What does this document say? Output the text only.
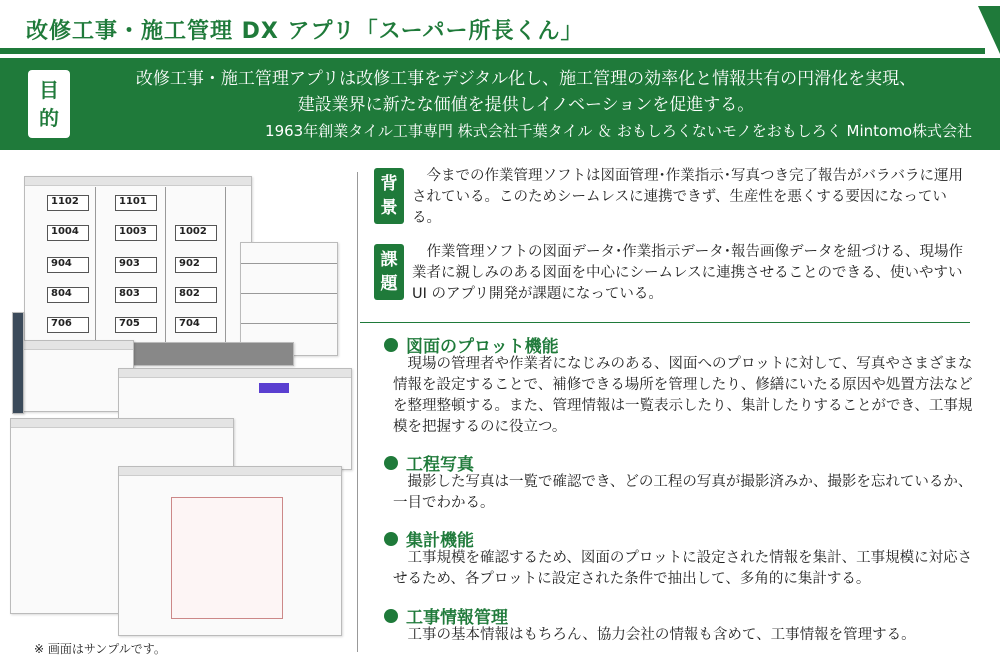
改修工事・施工管理 DX アプリ「スーパー所長くん」
目
的
改修工事・施工管理アプリは改修工事をデジタル化し、施工管理の効率化と情報共有の円滑化を実現、
建設業界に新たな価値を提供しイノベーションを促進する。
1963年創業タイル工事専門 株式会社千葉タイル ＆ おもしろくないモノをおもしろく Mintomo株式会社
1102	1101
1004	1003	1002
904	903	902
804	803	802
706	705	704
※ 画面はサンプルです。
背
景
今までの作業管理ソフトは図面管理･作業指示･写真つき完了報告がバラバラに運用されている。このためシームレスに連携できず、生産性を悪くする要因になっている。
課
題
作業管理ソフトの図面データ･作業指示データ･報告画像データを紐づける、現場作業者に親しみのある図面を中心にシームレスに連携させることのできる、使いやすい UI のアプリ開発が課題になっている。
図面のプロット機能
現場の管理者や作業者になじみのある、図面へのプロットに対して、写真やさまざまな情報を設定することで、補修できる場所を管理したり、修繕にいたる原因や処置方法などを整理整頓する。また、管理情報は一覧表示したり、集計したりすることができ、工事規模を把握するのに役立つ。
工程写真
撮影した写真は一覧で確認でき、どの工程の写真が撮影済みか、撮影を忘れているか、一目でわかる。
集計機能
工事規模を確認するため、図面のプロットに設定された情報を集計、工事規模に対応させるため、各プロットに設定された条件で抽出して、多角的に集計する。
工事情報管理
工事の基本情報はもちろん、協力会社の情報も含めて、工事情報を管理する。
